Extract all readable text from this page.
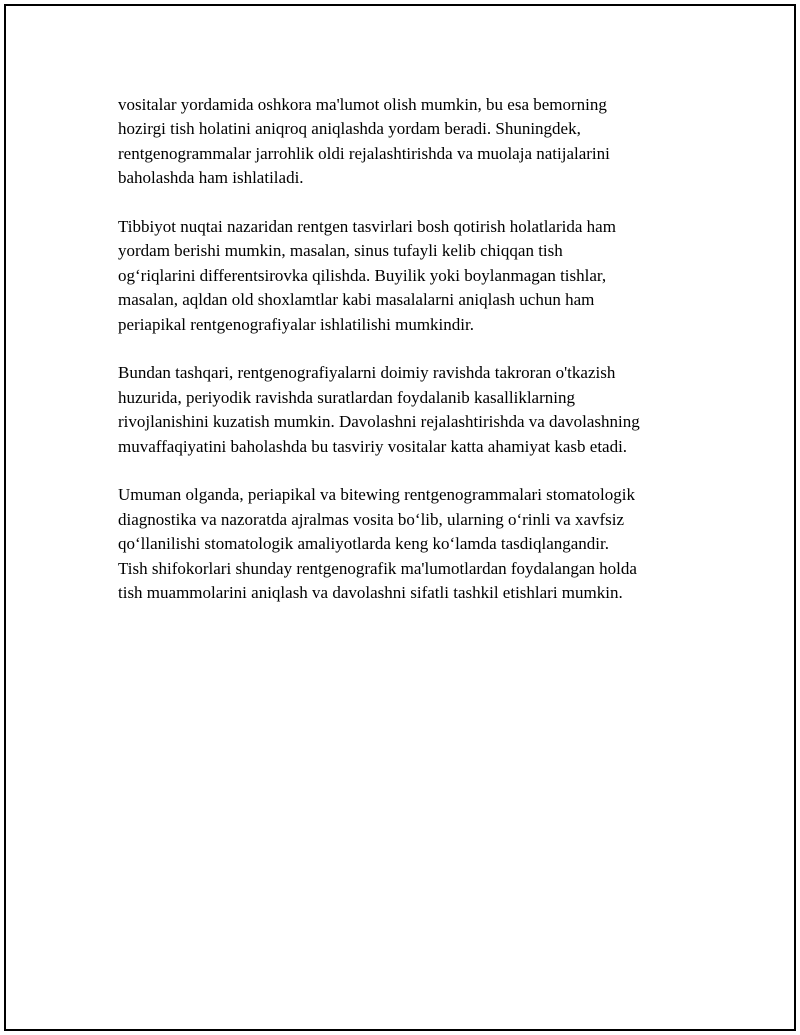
vositalar yordamida oshkora ma'lumot olish mumkin, bu esa bemorning
hozirgi tish holatini aniqroq aniqlashda yordam beradi. Shuningdek,
rentgenogrammalar jarrohlik oldi rejalashtirishda va muolaja natijalarini
baholashda ham ishlatiladi.

Tibbiyot nuqtai nazaridan rentgen tasvirlari bosh qotirish holatlarida ham
yordam berishi mumkin, masalan, sinus tufayli kelib chiqqan tish
og‘riqlarini differentsirovka qilishda. Buyilik yoki boylanmagan tishlar,
masalan, aqldan old shoxlamtlar kabi masalalarni aniqlash uchun ham
periapikal rentgenografiyalar ishlatilishi mumkindir.

Bundan tashqari, rentgenografiyalarni doimiy ravishda takroran o'tkazish
huzurida, periyodik ravishda suratlardan foydalanib kasalliklarning
rivojlanishini kuzatish mumkin. Davolashni rejalashtirishda va davolashning
muvaffaqiyatini baholashda bu tasviriy vositalar katta ahamiyat kasb etadi.

Umuman olganda, periapikal va bitewing rentgenogrammalari stomatologik
diagnostika va nazoratda ajralmas vosita bo‘lib, ularning o‘rinli va xavfsiz
qo‘llanilishi stomatologik amaliyotlarda keng ko‘lamda tasdiqlangandir.
Tish shifokorlari shunday rentgenografik ma'lumotlardan foydalangan holda
tish muammolarini aniqlash va davolashni sifatli tashkil etishlari mumkin.
